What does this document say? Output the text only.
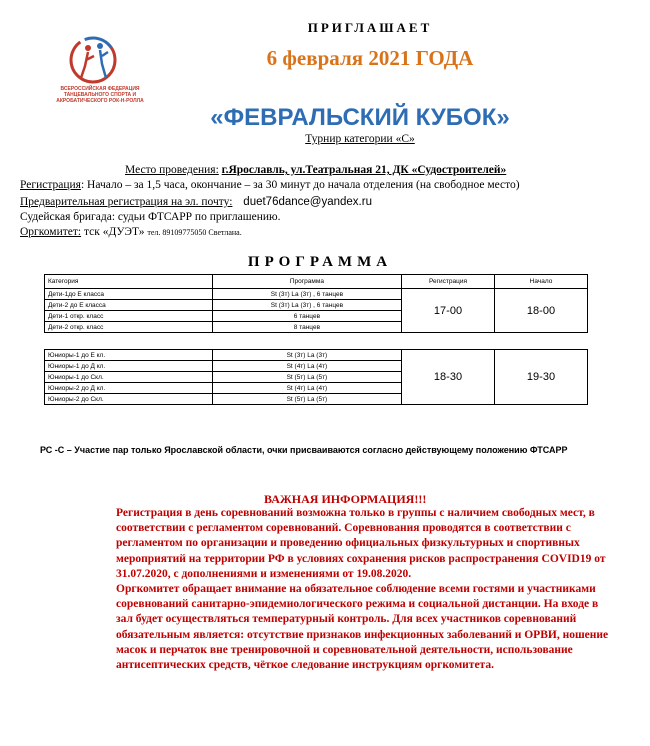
ВСЕРОССИЙСКАЯ ФЕДЕРАЦИЯ ТАНЦЕВАЛЬНОГО СПОРТА И АКРОБАТИЧЕСКОГО РОК-Н-РОЛЛА
ПРИГЛАШАЕТ
6 февраля 2021 ГОДА
«ФЕВРАЛЬСКИЙ КУБОК»
Турнир категории «С»
Место проведения: г.Ярославль, ул.Театральная 21, ДК «Судостроителей»
Регистрация: Начало – за 1,5 часа, окончание – за 30 минут до начала отделения (на свободное место)
Предварительная регистрация на эл. почту: duet76dance@yandex.ru
Судейская бригада: судьи ФТСАРР по приглашению.
Оргкомитет: тск «ДУЭТ» тел. 89109775050 Светлана.
ПРОГРАММА
Категория	Программа	Регистрация	Начало
Дети-1до Е класса	St (3т) La (3т) , 6 танцев	17-00	18-00
Дети-2 до Е класса	St (3т) La (3т) , 6 танцев		
Дети-1 откр. класс	6 танцев		
Дети-2 откр. класс	8 танцев		

Юниоры-1 до Е кл.	St (3т) La (3т)	18-30	19-30
Юниоры-1 до Д кл.	St (4т) La (4т)		
Юниоры-1 до Скл.	St (5т) La (5т)		
Юниоры-2 до Д кл.	St (4т) La (4т)		
Юниоры-2 до Скл.	St (5т) La (5т)		
РС -С – Участие пар только Ярославской области, очки присваиваются согласно действующему положению ФТСАРР
ВАЖНАЯ ИНФОРМАЦИЯ!!!

Регистрация в день соревнований возможна только в группы с наличием свободных мест, в соответствии с регламентом соревнований. Соревнования проводятся в соответствии с регламентом по организации и проведению официальных физкультурных и спортивных мероприятий на территории РФ в условиях сохранения рисков распространения COVID19 от 31.07.2020, с дополнениями и изменениями от 19.08.2020.

Оргкомитет обращает внимание на обязательное соблюдение всеми гостями и участниками соревнований санитарно-эпидемиологического режима и социальной дистанции. На входе в зал будет осуществляться температурный контроль. Для всех участников соревнований обязательным является: отсутствие признаков инфекционных заболеваний и ОРВИ, ношение масок и перчаток вне тренировочной и соревновательной деятельности, использование антисептических средств, чёткое следование инструкциям оргкомитета.
